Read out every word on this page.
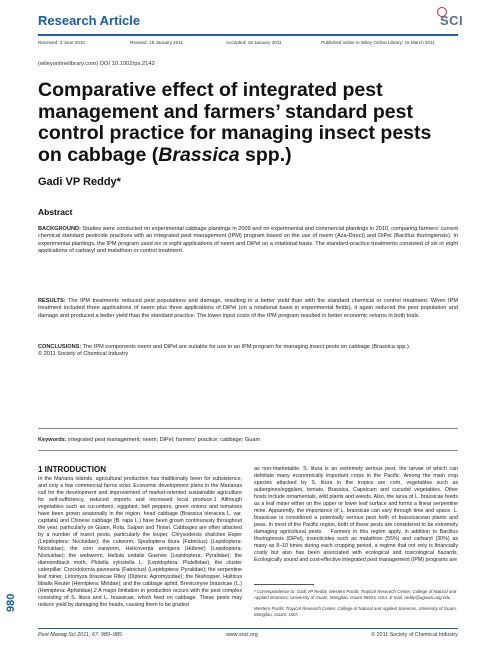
Research Article	SCI
Received: 3 June 2010	Revised: 18 January 2011	Accepted: 18 January 2011	Published online in Wiley Online Library: 16 March 2011
(wileyonlinelibrary.com) DOI 10.1002/ps.2142
Comparative effect of integrated pest management and farmers’ standard pest control practice for managing insect pests on cabbage (Brassica spp.)
Gadi VP Reddy*
Abstract
BACKGROUND: Studies were conducted on experimental cabbage plantings in 2009 and on experimental and commercial plantings in 2010, comparing farmers’ current chemical standard pesticide practices with an integrated pest management (IPM) program based on the use of neem (Aza-Direct) and DiPel (Bacillus thuringiensis). In experimental plantings, the IPM program used six or eight applications of neem and DiPel on a rotational basis. The standard-practice treatments consisted of six or eight applications of carbaryl and malathion or control treatment.
RESULTS: The IPM treatments reduced pest populations and damage, resulting in a better yield than with the standard chemical or control treatment. When IPM treatment included three applications of neem plus three applications of DiPel (on a rotational basis in experimental fields), it again reduced the pest population and damage and produced a better yield than the standard practice. The lower input costs of the IPM program resulted in better economic returns in both trials.
CONCLUSIONS: The IPM components neem and DiPel are suitable for use in an IPM program for managing insect pests on cabbage (Brassica spp.).
© 2011 Society of Chemical Industry
Keywords: integrated pest management; neem; DiPel; farmers’ practice; cabbage; Guam
1 INTRODUCTION
In the Mariana Islands, agricultural production has traditionally been for subsistence, and only a few commercial farms exist. Economic development plans in the Marianas call for the development and improvement of market-oriented sustainable agriculture for self-sufficiency, reduced imports and increased local produce.1 Although vegetables such as cucumbers, eggplant, bell peppers, green onions and tomatoes have been grown seasonally in the region, head cabbage (Brassica oleracea L. var. capitata) and Chinese cabbage (B. rapa L.) have been grown continuously throughout the year, particularly on Guam, Rota, Saipan and Tinian. Cabbages are often attacked by a number of insect pests, particularly the looper, Chrysodeixis chalcites Esper (Lepidoptera: Noctuidae); the cutworm, Spodoptera litura (Fabricius) (Lepidoptera: Noctuidae); the corn earworm, Helicoverpa armigera (Hübner) (Lepidoptera: Noctuidae); the webworm, Hellula undalis Guenée (Lepidoptera, Pyralidae); the diamondback moth, Plutella xylostella L. (Lepidoptera: Plutellidae); the cluster caterpillar, Crocidolomia pavonana (Fabricius) (Lepidoptera: Pyralidae); the serpentine leaf miner, Liriomyza brassicae Riley (Diptera: Agromyzidae); the fleahopper, Halticus tibialis Reuter (Hemiptera: Miridae); and the cabbage aphid, Brevicoryne brassicae (L.) (Hemiptera: Aphididae).2 A major limitation in production occurs with the pest complex consisting of S. litura and L. brassicae, which feed on cabbage. These pests may reduce yield by damaging the heads, causing them to be graded
as non-marketable. S. litura is an extremely serious pest, the larvae of which can defoliate many economically important crops in the Pacific. Among the main crop species attacked by S. litura in the tropics are corn, vegetables such as aubergines/eggplant, tomato, Brassica, Capsicum and cucurbit vegetables. Other hosts include ornamentals, wild plants and weeds. Also, the larva of L. brassicae feeds as a leaf miner either on the upper or lower leaf surface and forms a linear serpentine mine. Apparently, the importance of L. brassicae can vary through time and space. L. brassicae is considered a potentially serious pest both of brassicacean plants and peas. In most of the Pacific region, both of these pests are considered to be extremely damaging agricultural pests.   Farmers in this region apply, in addition to Bacillus thuringiensis (DiPel), insecticides such as malathion (55%) and carbaryl (30%) as many as 8–10 times during each cropping period, a regime that not only is financially costly but also has been associated with ecological and toxicological hazards. Ecologically sound and cost-effective integrated pest management (IPM) programs are
* Correspondence to: Gadi VP Reddy, Western Pacific Tropical Research Center, College of Natural and Applied Sciences, University of Guam, Mangilao, Guam 96923, USA. E-mail: reddy@uguam.uog.edu
Western Pacific Tropical Research Center, College of Natural and Applied Sciences, University of Guam, Mangilao, Guam, USA
980
Pest Manag Sci 2011; 67: 980–985	www.soci.org	© 2011 Society of Chemical Industry
